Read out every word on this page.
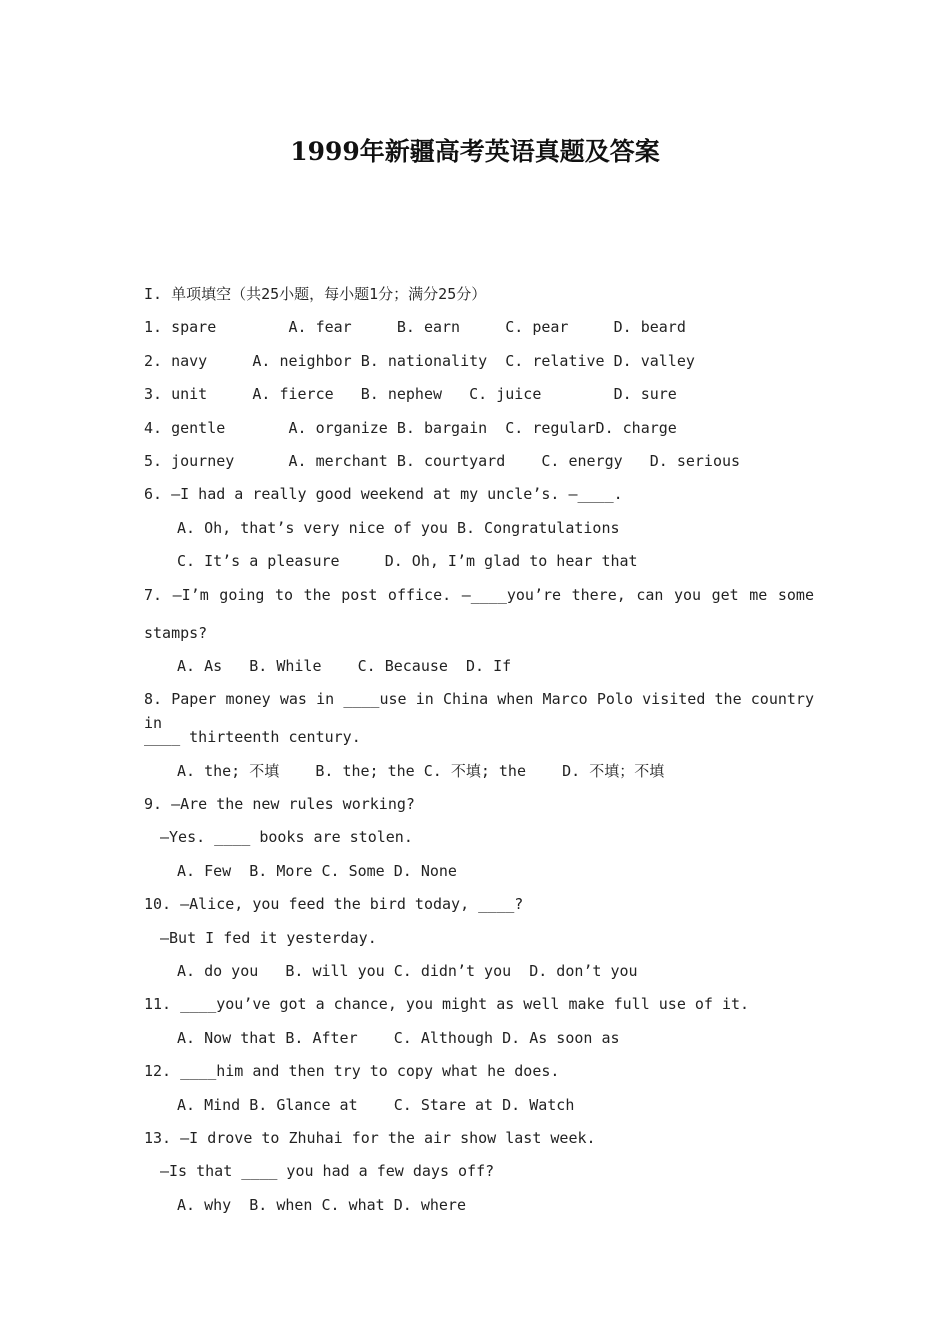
1999年新疆高考英语真题及答案
I. 单项填空（共25小题，每小题1分；满分25分）
1. spare        A. fear     B. earn     C. pear     D. beard
2. navy     A. neighbor B. nationality  C. relative D. valley
3. unit     A. fierce   B. nephew   C. juice        D. sure
4. gentle       A. organize B. bargain  C. regularD. charge
5. journey      A. merchant B. courtyard    C. energy   D. serious
6. —I had a really good weekend at my uncle’s. —____.
A. Oh, that’s very nice of you B. Congratulations
C. It’s a pleasure     D. Oh, I’m glad to hear that
7. —I’m going to the post office. —____you’re there, can you get me some
stamps?
A. As   B. While    C. Because  D. If
8. Paper money was in ____use in China when Marco Polo visited the country in
____ thirteenth century.
A. the; 不填    B. the; the C. 不填; the    D. 不填；不填
9. —Are the new rules working?
—Yes. ____ books are stolen.
A. Few  B. More C. Some D. None
10. —Alice, you feed the bird today, ____?
—But I fed it yesterday.
A. do you   B. will you C. didn’t you  D. don’t you
11. ____you’ve got a chance, you might as well make full use of it.
A. Now that B. After    C. Although D. As soon as
12. ____him and then try to copy what he does.
A. Mind B. Glance at    C. Stare at D. Watch
13. —I drove to Zhuhai for the air show last week.
—Is that ____ you had a few days off?
A. why  B. when C. what D. where
